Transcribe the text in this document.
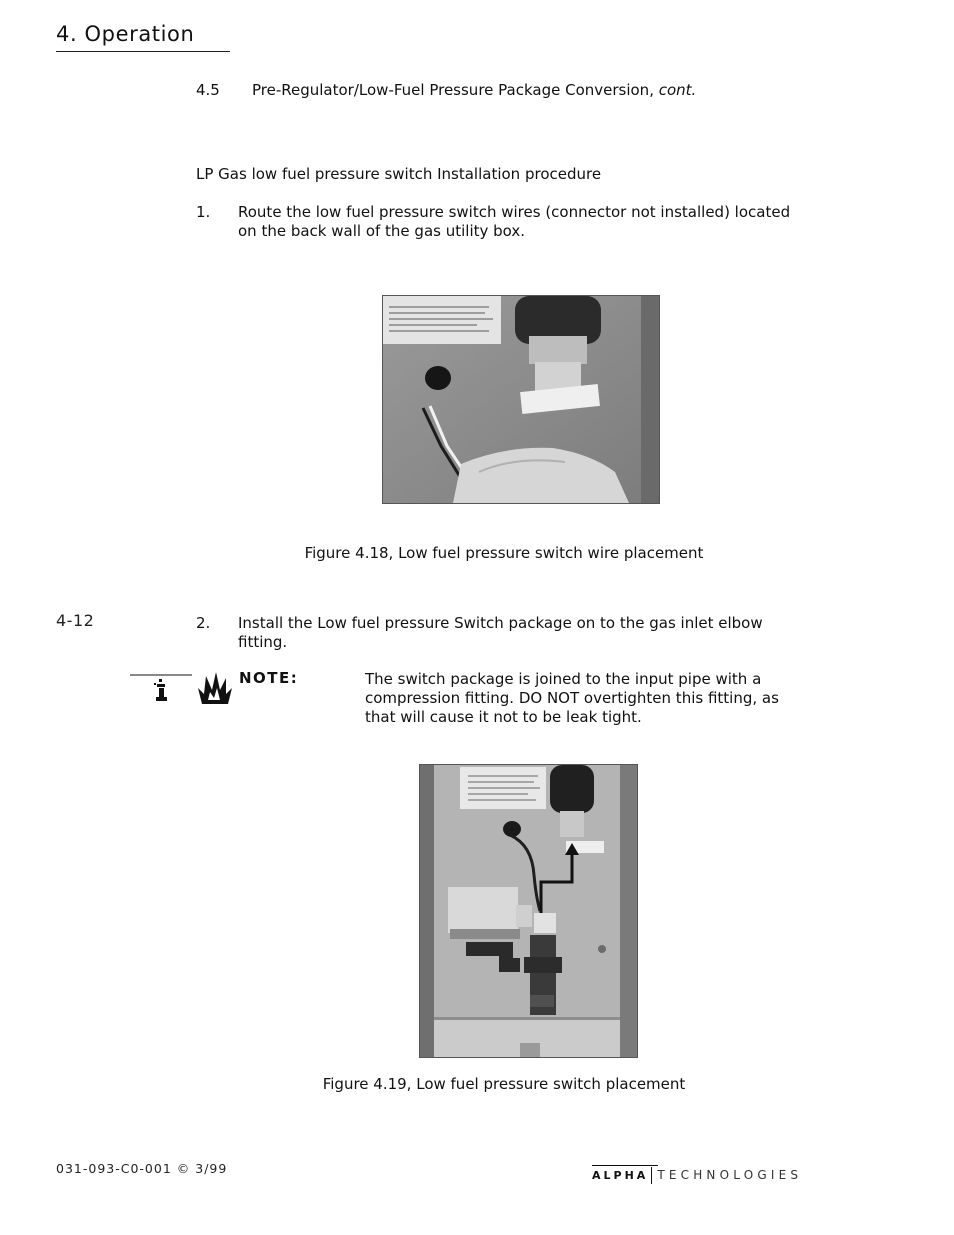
4. Operation
4.5 Pre-Regulator/Low-Fuel Pressure Package Conversion, cont.
LP Gas low fuel pressure switch Installation procedure
1. Route the low fuel pressure switch wires (connector not installed) located on the back wall of the gas utility box.
Figure 4.18, Low fuel pressure switch wire placement
4-12	2. Install the Low fuel pressure Switch package on to the gas inlet elbow fitting.
NOTE:	The switch package is joined to the input pipe with a compression fitting. DO NOT overtighten this fitting, as that will cause it not to be leak tight.
Figure 4.19, Low fuel pressure switch placement
031-093-C0-001 © 3/99	ALPHA TECHNOLOGIES
